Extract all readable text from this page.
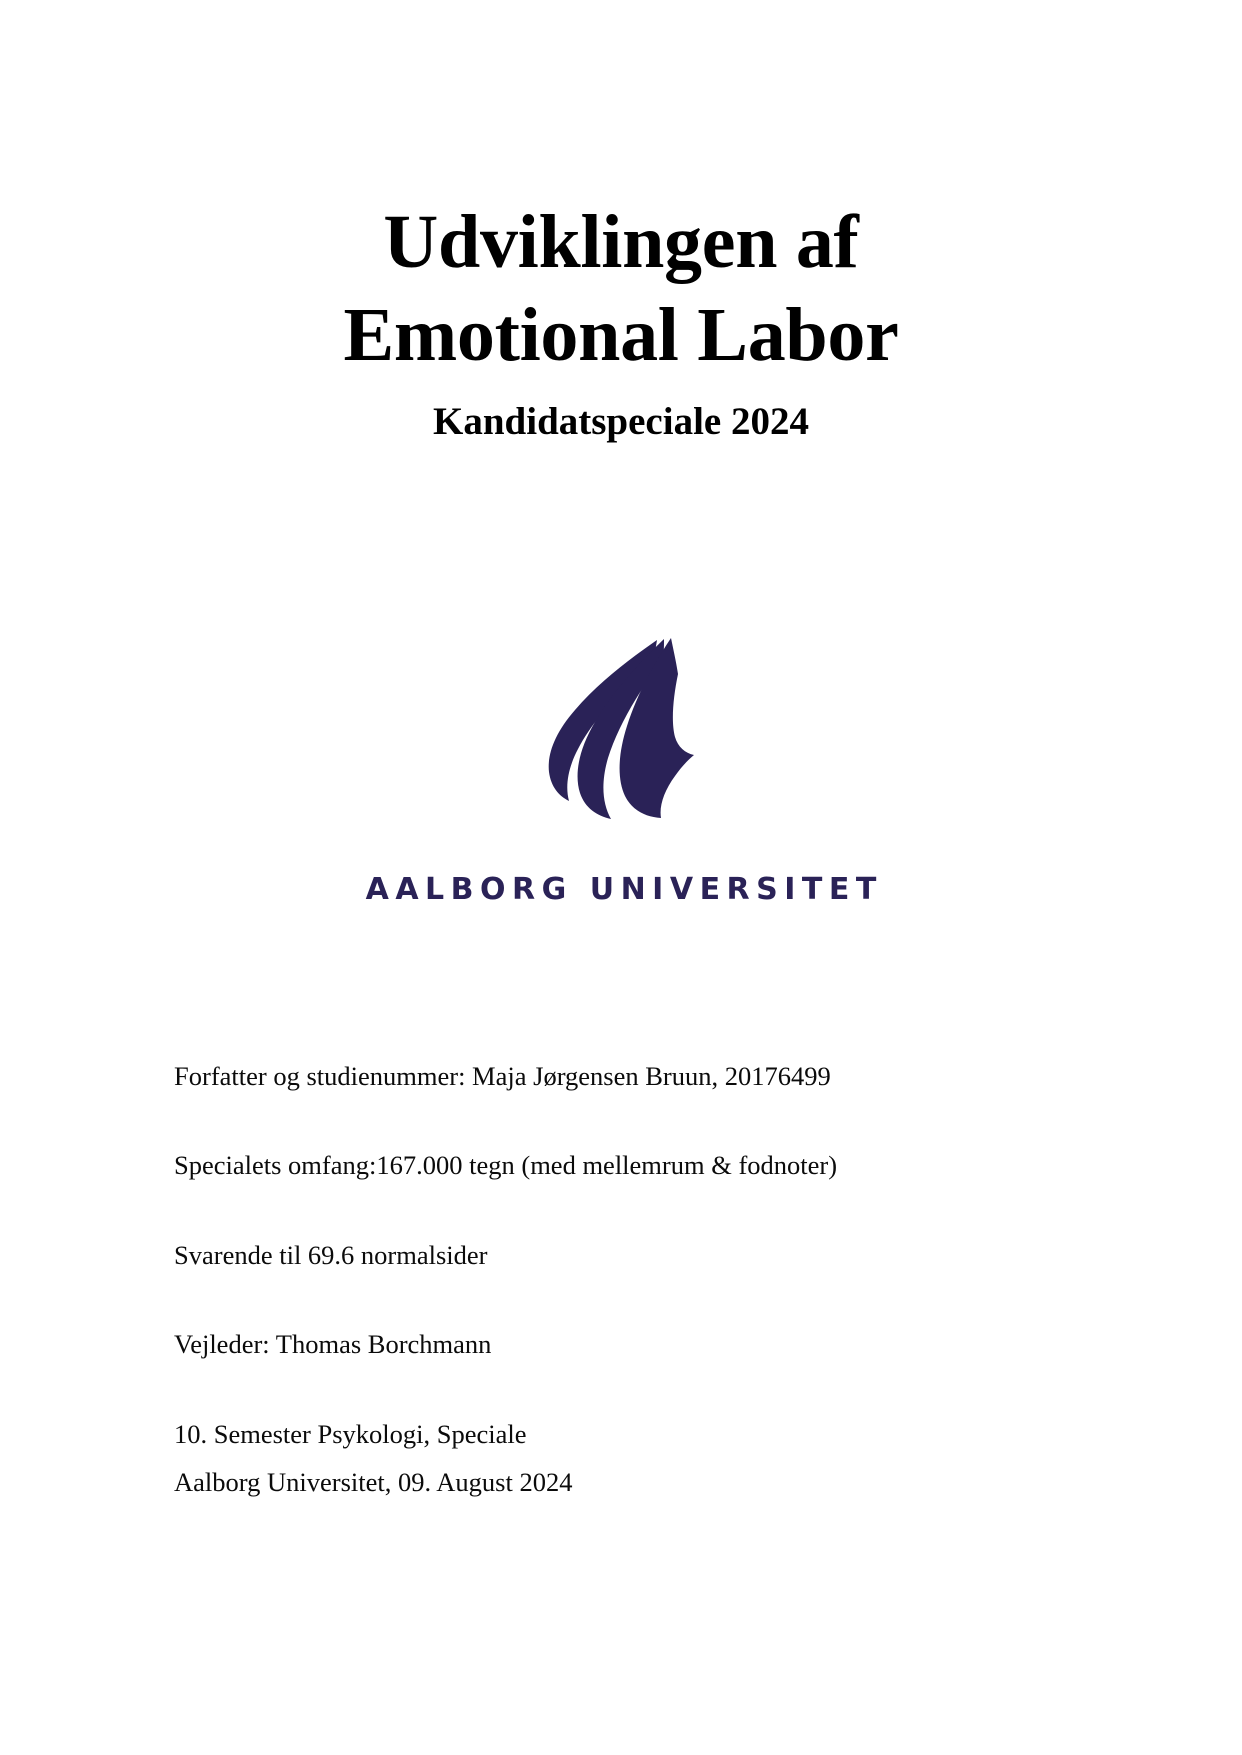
Udviklingen af
Emotional Labor
Kandidatspeciale 2024
AALBORG UNIVERSITET

Forfatter og studienummer: Maja Jørgensen Bruun, 20176499

Specialets omfang:167.000 tegn (med mellemrum & fodnoter)

Svarende til 69.6 normalsider

Vejleder: Thomas Borchmann

10. Semester Psykologi, Speciale

Aalborg Universitet, 09. August 2024
